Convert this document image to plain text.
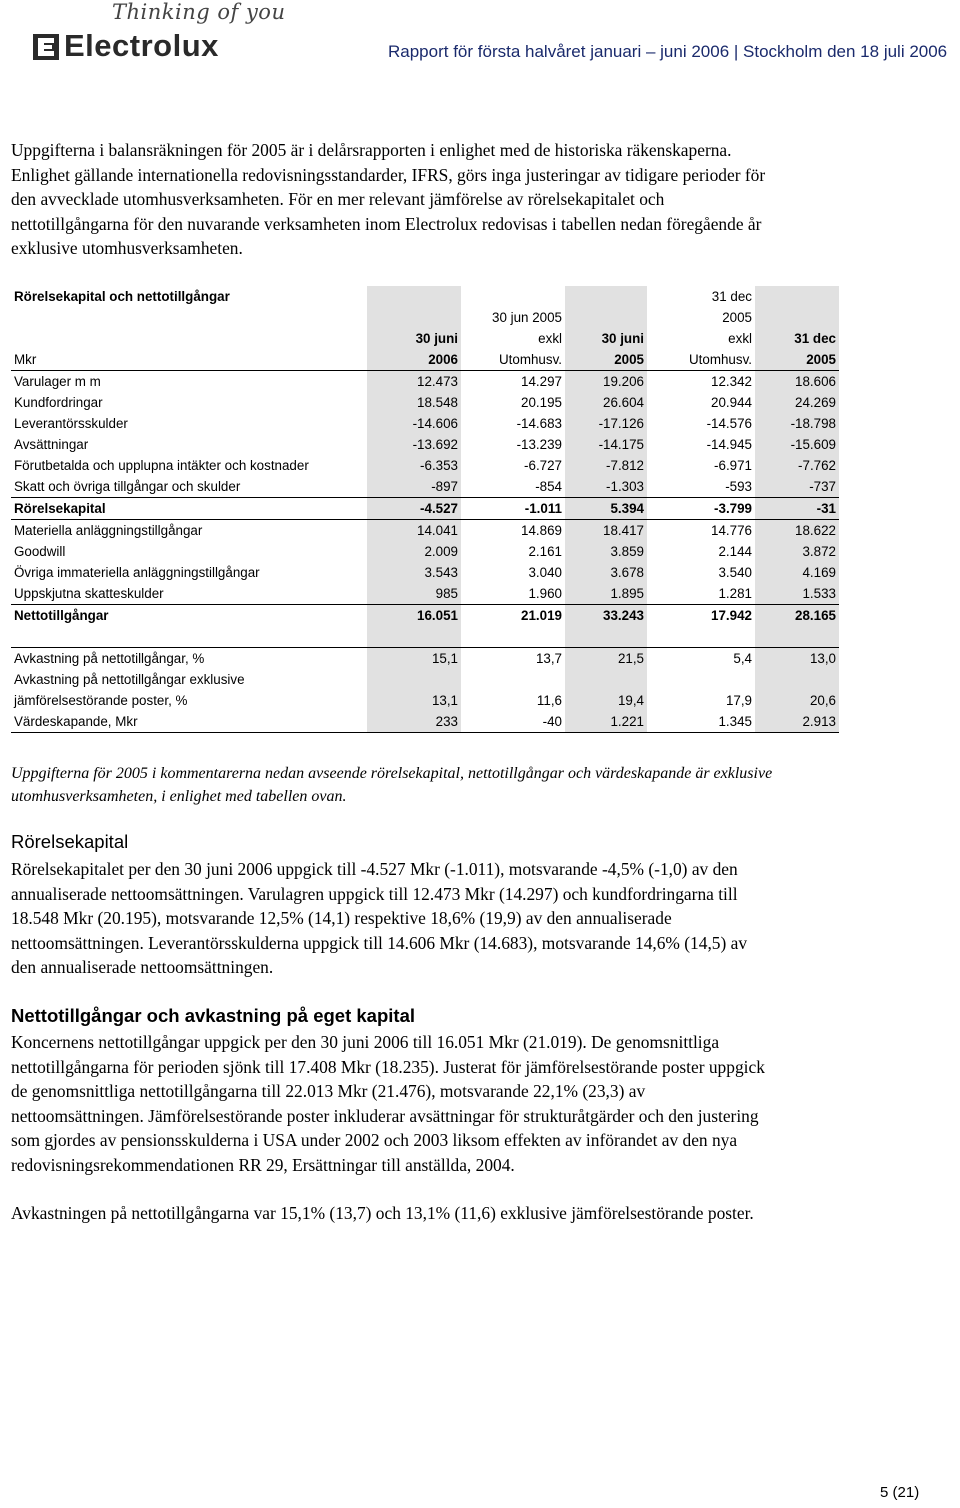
Thinking of you
Electrolux	Rapport för första halvåret januari – juni 2006 | Stockholm den 18 juli 2006

Uppgifterna i balansräkningen för 2005 är i delårsrapporten i enlighet med de historiska räkenskaperna.
Enlighet gällande internationella redovisningsstandarder, IFRS, görs inga justeringar av tidigare perioder för
den avvecklade utomhusverksamheten. För en mer relevant jämförelse av rörelsekapitalet och
nettotillgångarna för den nuvarande verksamheten inom Electrolux redovisas i tabellen nedan föregående år
exklusive utomhusverksamheten.

Rörelsekapital och nettotillgångar				31 dec	
		30 jun 2005		2005	
	30 juni	exkl	30 juni	exkl	31 dec
Mkr	2006	Utomhusv.	2005	Utomhusv.	2005
Varulager m m	12.473	14.297	19.206	12.342	18.606
Kundfordringar	18.548	20.195	26.604	20.944	24.269
Leverantörsskulder	-14.606	-14.683	-17.126	-14.576	-18.798
Avsättningar	-13.692	-13.239	-14.175	-14.945	-15.609
Förutbetalda och upplupna intäkter och kostnader	-6.353	-6.727	-7.812	-6.971	-7.762
Skatt och övriga tillgångar och skulder	-897	-854	-1.303	-593	-737
Rörelsekapital	-4.527	-1.011	5.394	-3.799	-31
Materiella anläggningstillgångar	14.041	14.869	18.417	14.776	18.622
Goodwill	2.009	2.161	3.859	2.144	3.872
Övriga immateriella anläggningstillgångar	3.543	3.040	3.678	3.540	4.169
Uppskjutna skatteskulder	985	1.960	1.895	1.281	1.533
Nettotillgångar	16.051	21.019	33.243	17.942	28.165

Avkastning på nettotillgångar, %	15,1	13,7	21,5	5,4	13,0
Avkastning på nettotillgångar exklusive					
jämförelsestörande poster, %	13,1	11,6	19,4	17,9	20,6
Värdeskapande, Mkr	233	-40	1.221	1.345	2.913

Uppgifterna för 2005 i kommentarerna nedan avseende rörelsekapital, nettotillgångar och värdeskapande är exklusive
utomhusverksamheten, i enlighet med tabellen ovan.

Rörelsekapital

Rörelsekapitalet per den 30 juni 2006 uppgick till -4.527 Mkr (-1.011), motsvarande -4,5% (-1,0) av den
annualiserade nettoomsättningen. Varulagren uppgick till 12.473 Mkr (14.297) och kundfordringarna till
18.548 Mkr (20.195), motsvarande 12,5% (14,1) respektive 18,6% (19,9) av den annualiserade
nettoomsättningen. Leverantörsskulderna uppgick till 14.606 Mkr (14.683), motsvarande 14,6% (14,5) av
den annualiserade nettoomsättningen.

Nettotillgångar och avkastning på eget kapital

Koncernens nettotillgångar uppgick per den 30 juni 2006 till 16.051 Mkr (21.019). De genomsnittliga
nettotillgångarna för perioden sjönk till 17.408 Mkr (18.235). Justerat för jämförelsestörande poster uppgick
de genomsnittliga nettotillgångarna till 22.013 Mkr (21.476), motsvarande 22,1% (23,3) av
nettoomsättningen. Jämförelsestörande poster inkluderar avsättningar för strukturåtgärder och den justering
som gjordes av pensionsskulderna i USA under 2002 och 2003 liksom effekten av införandet av den nya
redovisningsrekommendationen RR 29, Ersättningar till anställda, 2004.

Avkastningen på nettotillgångarna var 15,1% (13,7) och 13,1% (11,6) exklusive jämförelsestörande poster.

5 (21)
